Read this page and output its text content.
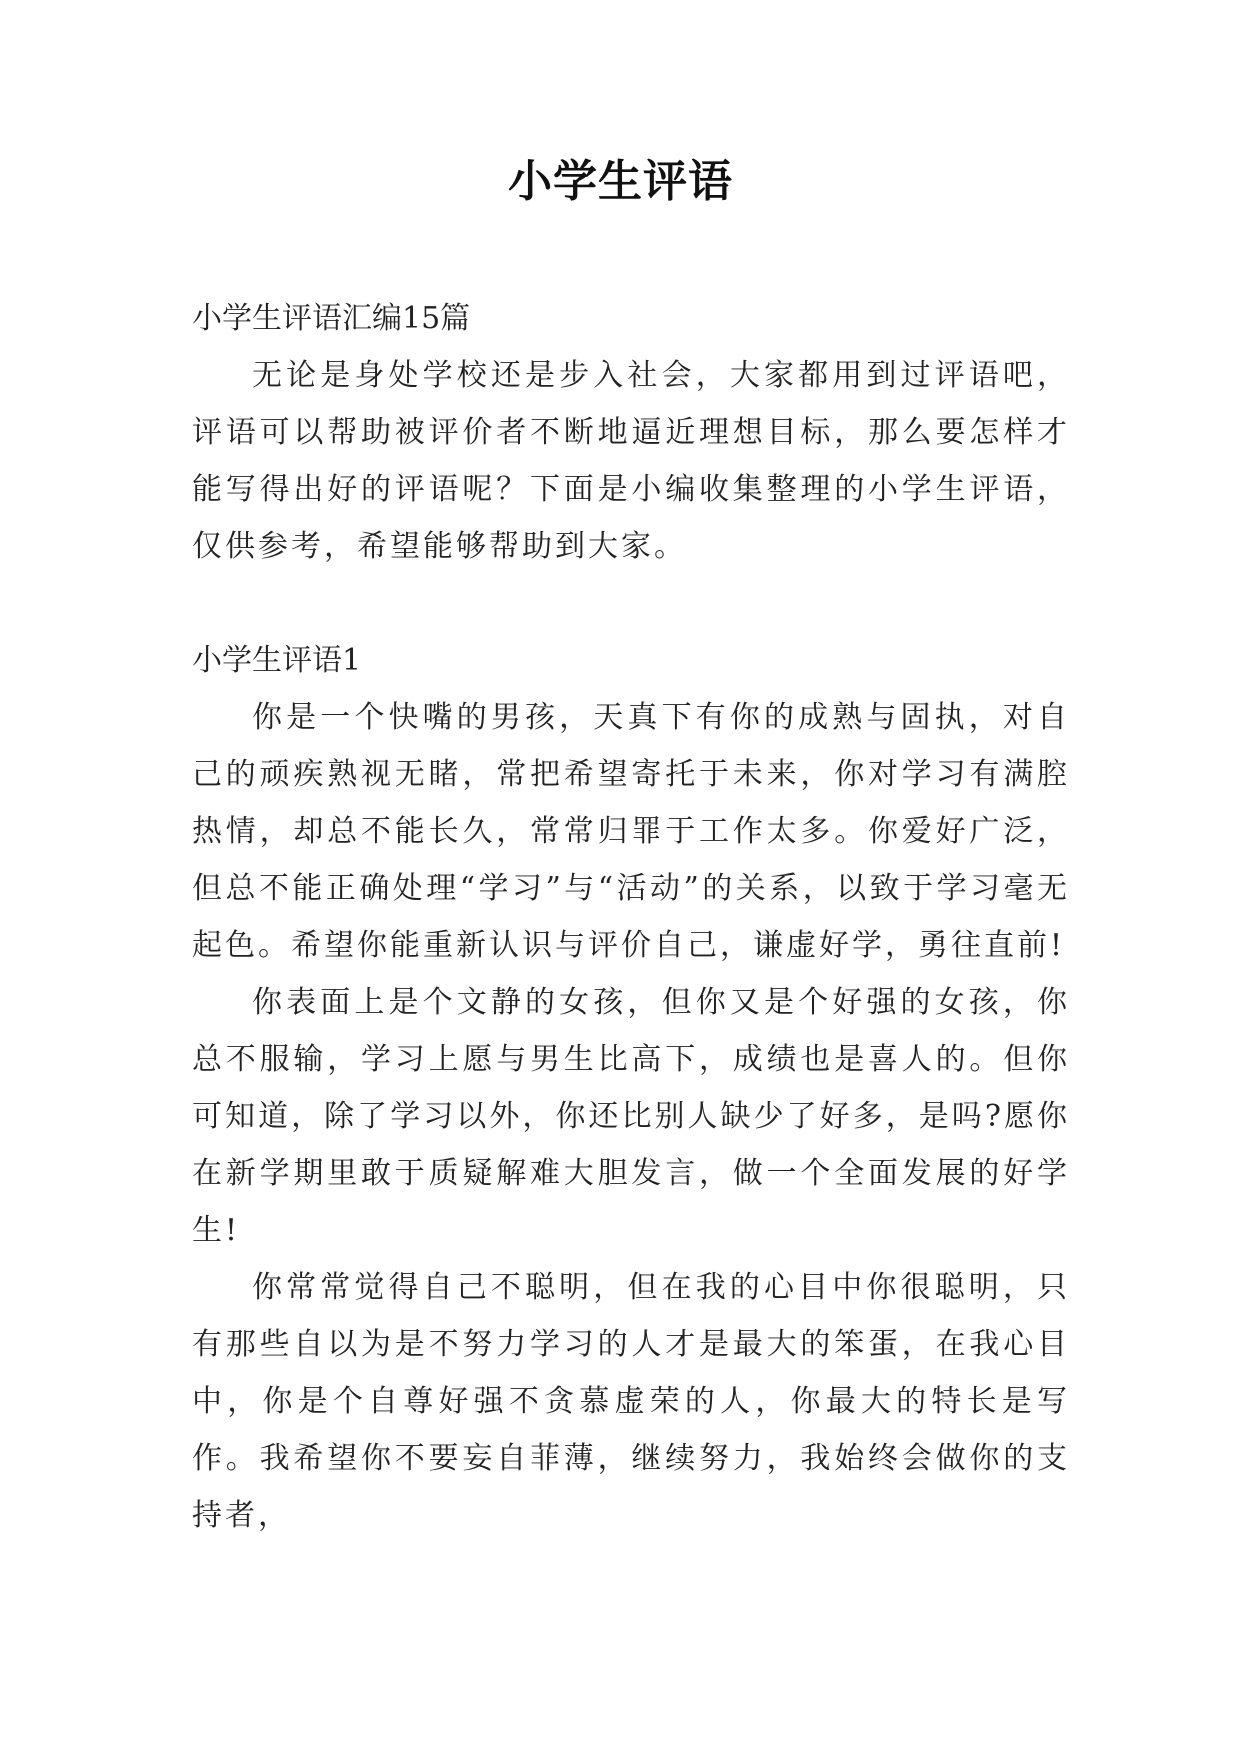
小学生评语

小学生评语汇编15篇

无论是身处学校还是步入社会，大家都用到过评语吧，评语可以帮助被评价者不断地逼近理想目标，那么要怎样才能写得出好的评语呢？下面是小编收集整理的小学生评语，仅供参考，希望能够帮助到大家。

小学生评语1

你是一个快嘴的男孩，天真下有你的成熟与固执，对自己的顽疾熟视无睹，常把希望寄托于未来，你对学习有满腔热情，却总不能长久，常常归罪于工作太多。你爱好广泛，但总不能正确处理“学习”与“活动”的关系，以致于学习毫无起色。希望你能重新认识与评价自己，谦虚好学，勇往直前!

你表面上是个文静的女孩，但你又是个好强的女孩，你总不服输，学习上愿与男生比高下，成绩也是喜人的。但你可知道，除了学习以外，你还比别人缺少了好多，是吗?愿你在新学期里敢于质疑解难大胆发言，做一个全面发展的好学生!

你常常觉得自己不聪明，但在我的心目中你很聪明，只有那些自以为是不努力学习的人才是最大的笨蛋，在我心目中，你是个自尊好强不贪慕虚荣的人，你最大的特长是写作。我希望你不要妄自菲薄，继续努力，我始终会做你的支持者，
